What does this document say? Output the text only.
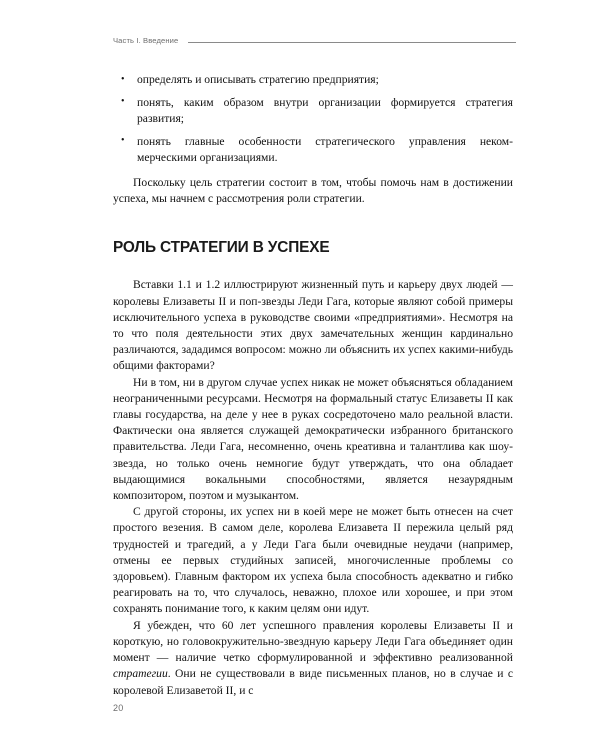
Часть I. Введение
• определять и описывать стратегию предприятия;
• понять, каким образом внутри организации формируется стратегия развития;
• понять главные особенности стратегического управления некоммерческими организациями.

Поскольку цель стратегии состоит в том, чтобы помочь нам в достижении успеха, мы начнем с рассмотрения роли стратегии.

РОЛЬ СТРАТЕГИИ В УСПЕХЕ

Вставки 1.1 и 1.2 иллюстрируют жизненный путь и карьеру двух людей — королевы Елизаветы II и поп-звезды Леди Гага, которые являют собой примеры исключительного успеха в руководстве своими «предприятиями». Несмотря на то что поля деятельности этих двух замечательных женщин кардинально различаются, зададимся вопросом: можно ли объяснить их успех какими-нибудь общими факторами?

Ни в том, ни в другом случае успех никак не может объясняться обладанием неограниченными ресурсами. Несмотря на формальный статус Елизаветы II как главы государства, на деле у нее в руках сосредоточено мало реальной власти. Фактически она является служащей демократически избранного британского правительства. Леди Гага, несомненно, очень креативна и талантлива как шоу-звезда, но только очень немногие будут утверждать, что она обладает выдающимися вокальными способностями, является незаурядным композитором, поэтом и музыкантом.

С другой стороны, их успех ни в коей мере не может быть отнесен на счет простого везения. В самом деле, королева Елизавета II пережила целый ряд трудностей и трагедий, а у Леди Гага были очевидные неудачи (например, отмены ее первых студийных записей, многочисленные проблемы со здоровьем). Главным фактором их успеха была способность адекватно и гибко реагировать на то, что случалось, неважно, плохое или хорошее, и при этом сохранять понимание того, к каким целям они идут.

Я убежден, что 60 лет успешного правления королевы Елизаветы II и короткую, но головокружительно-звездную карьеру Леди Гага объединяет один момент — наличие четко сформулированной и эффективно реализованной стратегии. Они не существовали в виде письменных планов, но в случае и с королевой Елизаветой II, и с

20
